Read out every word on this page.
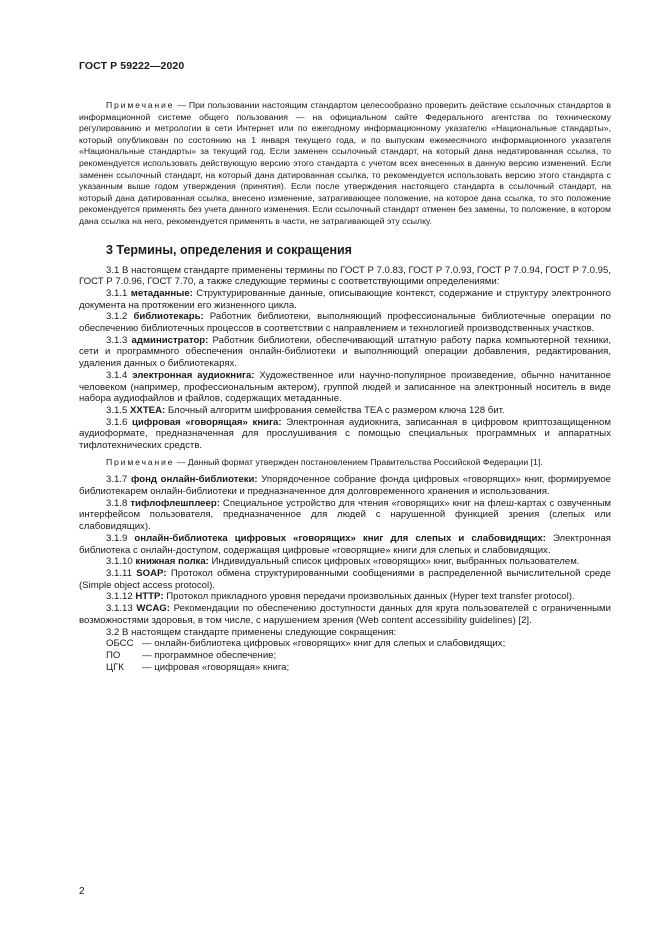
ГОСТ Р 59222—2020

Примечание — При пользовании настоящим стандартом целесообразно проверить действие ссылочных стандартов в информационной системе общего пользования — на официальном сайте Федерального агентства по техническому регулированию и метрологии в сети Интернет или по ежегодному информационному указателю «Национальные стандарты», который опубликован по состоянию на 1 января текущего года, и по выпускам ежемесячного информационного указателя «Национальные стандарты» за текущий год. Если заменен ссылочный стандарт, на который дана недатированная ссылка, то рекомендуется использовать действующую версию этого стандарта с учетом всех внесенных в данную версию изменений. Если заменен ссылочный стандарт, на который дана датированная ссылка, то рекомендуется использовать версию этого стандарта с указанным выше годом утверждения (принятия). Если после утверждения настоящего стандарта в ссылочный стандарт, на который дана датированная ссылка, внесено изменение, затрагивающее положение, на которое дана ссылка, то это положение рекомендуется применять без учета данного изменения. Если ссылочный стандарт отменен без замены, то положение, в котором дана ссылка на него, рекомендуется применять в части, не затрагивающей эту ссылку.

3 Термины, определения и сокращения

3.1 В настоящем стандарте применены термины по ГОСТ Р 7.0.83, ГОСТ Р 7.0.93, ГОСТ Р 7.0.94, ГОСТ Р 7.0.95, ГОСТ Р 7.0.96, ГОСТ 7.70, а также следующие термины с соответствующими определениями:

3.1.1 метаданные: Структурированные данные, описывающие контекст, содержание и структуру электронного документа на протяжении его жизненного цикла.

3.1.2 библиотекарь: Работник библиотеки, выполняющий профессиональные библиотечные операции по обеспечению библиотечных процессов в соответствии с направлением и технологией производственных участков.

3.1.3 администратор: Работник библиотеки, обеспечивающий штатную работу парка компьютерной техники, сети и программного обеспечения онлайн-библиотеки и выполняющий операции добавления, редактирования, удаления данных о библиотекарях.

3.1.4 электронная аудиокнига: Художественное или научно-популярное произведение, обычно начитанное человеком (например, профессиональным актером), группой людей и записанное на электронный носитель в виде набора аудиофайлов и файлов, содержащих метаданные.

3.1.5 XXTEA: Блочный алгоритм шифрования семейства TEA с размером ключа 128 бит.

3.1.6 цифровая «говорящая» книга: Электронная аудиокнига, записанная в цифровом криптозащищенном аудиоформате, предназначенная для прослушивания с помощью специальных программных и аппаратных тифлотехнических средств.

Примечание — Данный формат утвержден постановлением Правительства Российской Федерации [1].

3.1.7 фонд онлайн-библиотеки: Упорядоченное собрание фонда цифровых «говорящих» книг, формируемое библиотекарем онлайн-библиотеки и предназначенное для долговременного хранения и использования.

3.1.8 тифлофлешплеер: Специальное устройство для чтения «говорящих» книг на флеш-картах с озвученным интерфейсом пользователя, предназначенное для людей с нарушенной функцией зрения (слепых или слабовидящих).

3.1.9 онлайн-библиотека цифровых «говорящих» книг для слепых и слабовидящих: Электронная библиотека с онлайн-доступом, содержащая цифровые «говорящие» книги для слепых и слабовидящих.

3.1.10 книжная полка: Индивидуальный список цифровых «говорящих» книг, выбранных пользователем.

3.1.11 SOAP: Протокол обмена структурированными сообщениями в распределенной вычислительной среде (Simple object access protocol).

3.1.12 HTTP: Протокол прикладного уровня передачи произвольных данных (Hyper text transfer protocol).

3.1.13 WCAG: Рекомендации по обеспечению доступности данных для круга пользователей с ограниченными возможностями здоровья, в том числе, с нарушением зрения (Web content accessibility guidelines) [2].

3.2 В настоящем стандарте применены следующие сокращения:

ОБСС — онлайн-библиотека цифровых «говорящих» книг для слепых и слабовидящих;
ПО	— программное обеспечение;
ЦГК	— цифровая «говорящая» книга;
2
